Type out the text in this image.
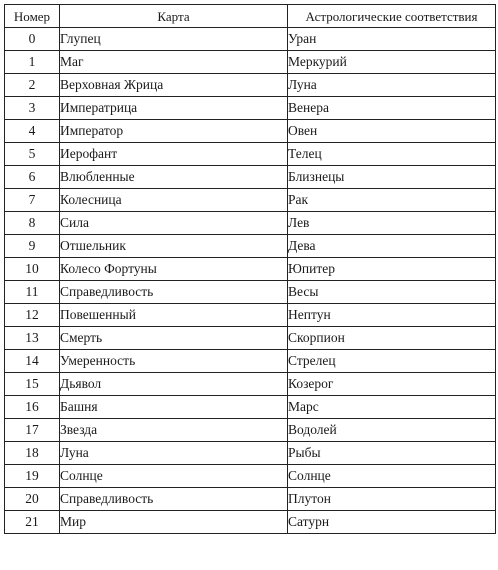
Номер	Карта	Астрологические соответствия
0	Глупец	Уран
1	Маг	Меркурий
2	Верховная Жрица	Луна
3	Императрица	Венера
4	Император	Овен
5	Иерофант	Телец
6	Влюбленные	Близнецы
7	Колесница	Рак
8	Сила	Лев
9	Отшельник	Дева
10	Колесо Фортуны	Юпитер
11	Справедливость	Весы
12	Повешенный	Нептун
13	Смерть	Скорпион
14	Умеренность	Стрелец
15	Дьявол	Козерог
16	Башня	Марс
17	Звезда	Водолей
18	Луна	Рыбы
19	Солнце	Солнце
20	Справедливость	Плутон
21	Мир	Сатурн
